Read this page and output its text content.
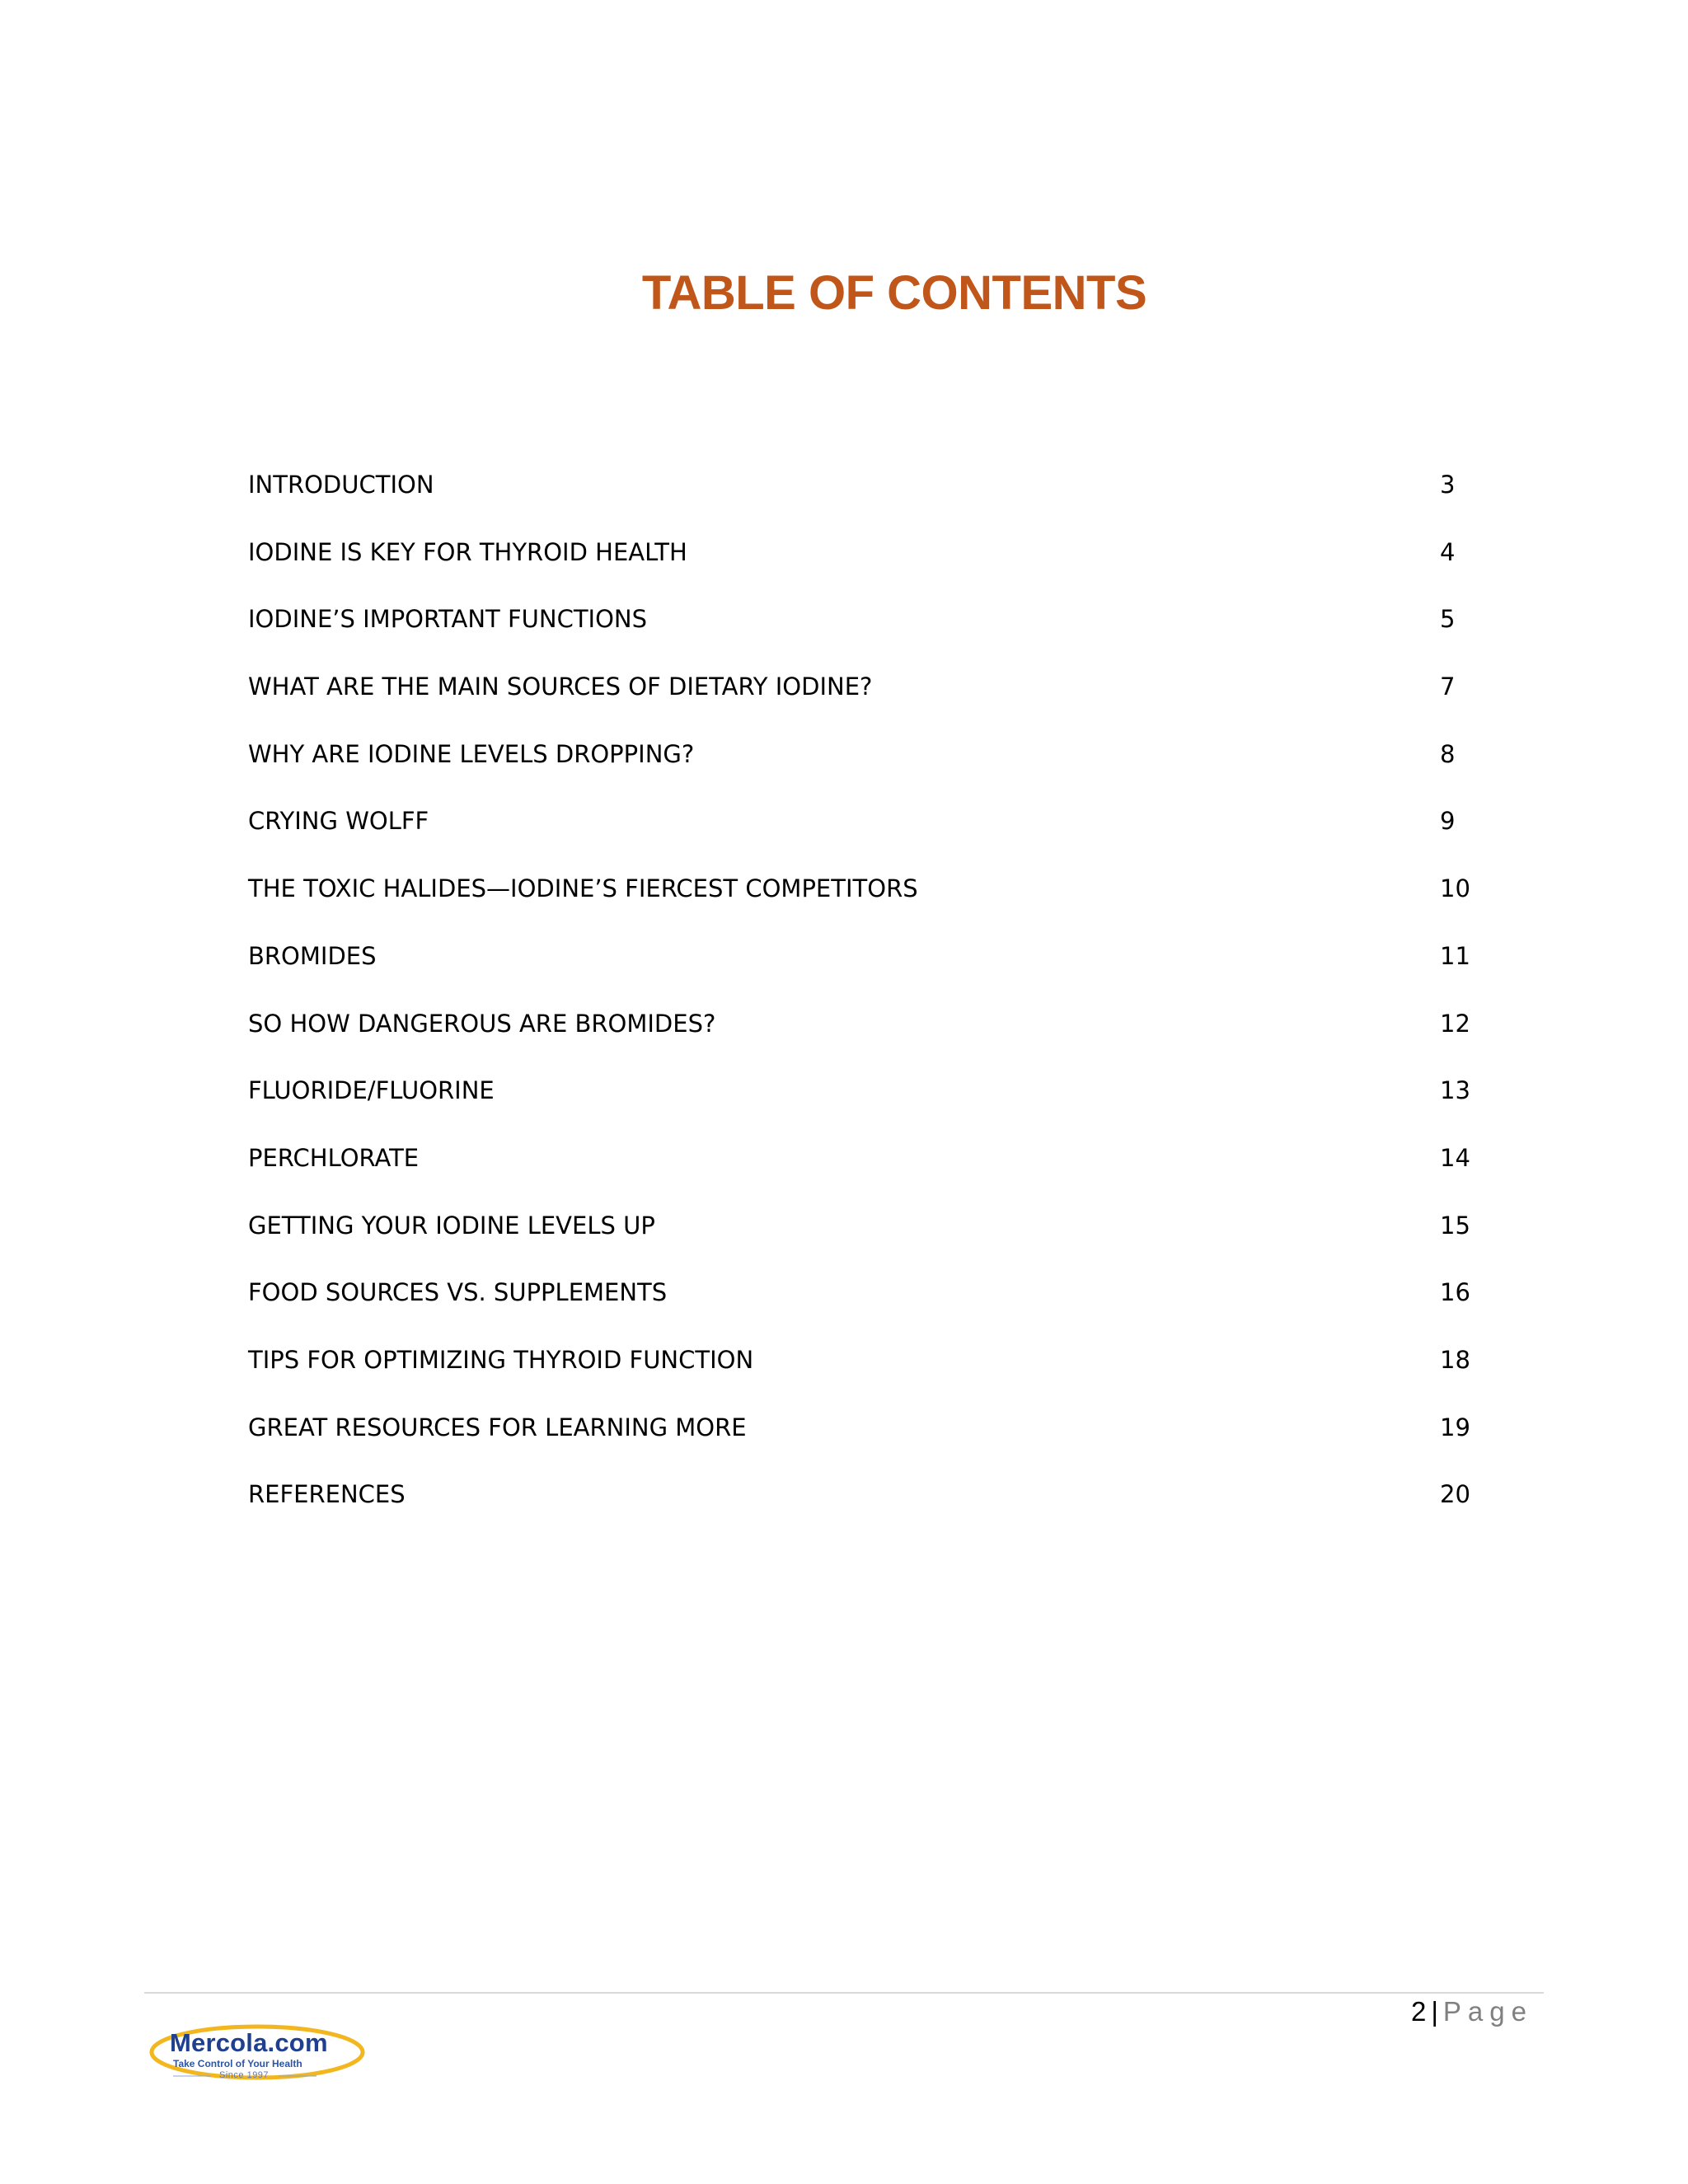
TABLE OF CONTENTS
INTRODUCTION	3
IODINE IS KEY FOR THYROID HEALTH	4
IODINE’S IMPORTANT FUNCTIONS	5
WHAT ARE THE MAIN SOURCES OF DIETARY IODINE?	7
WHY ARE IODINE LEVELS DROPPING?	8
CRYING WOLFF	9
THE TOXIC HALIDES—IODINE’S FIERCEST COMPETITORS	10
BROMIDES	11
SO HOW DANGEROUS ARE BROMIDES?	12
FLUORIDE/FLUORINE	13
PERCHLORATE	14
GETTING YOUR IODINE LEVELS UP	15
FOOD SOURCES VS. SUPPLEMENTS	16
TIPS FOR OPTIMIZING THYROID FUNCTION	18
GREAT RESOURCES FOR LEARNING MORE	19
REFERENCES	20
2 | Page
Mercola.com
Take Control of Your Health
Since 1997
